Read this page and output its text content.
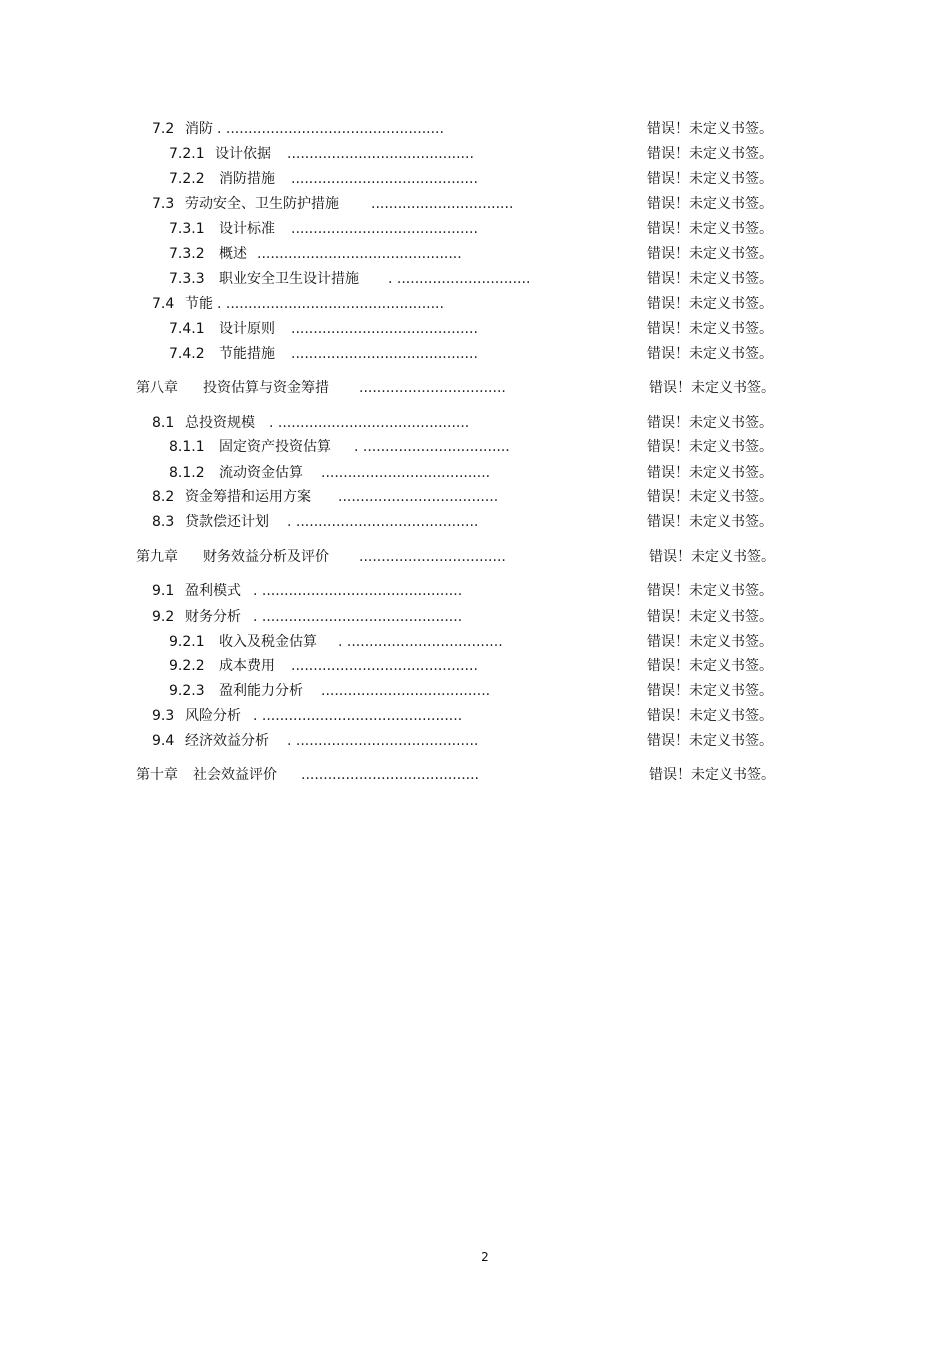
7.2 消防 . .................................................	错误！未定义书签。
7.2.1 设计依据 ..........................................	错误！未定义书签。
7.2.2 消防措施 ..........................................	错误！未定义书签。
7.3 劳动安全、卫生防护措施 ................................	错误！未定义书签。
7.3.1 设计标准 ..........................................	错误！未定义书签。
7.3.2 概述 ..............................................	错误！未定义书签。
7.3.3 职业安全卫生设计措施 . ..............................	错误！未定义书签。
7.4 节能 . .................................................	错误！未定义书签。
7.4.1 设计原则 ..........................................	错误！未定义书签。
7.4.2 节能措施 ..........................................	错误！未定义书签。
第八章 投资估算与资金筹措 .................................	错误！未定义书签。
8.1 总投资规模 . ...........................................	错误！未定义书签。
8.1.1 固定资产投资估算 . .................................	错误！未定义书签。
8.1.2 流动资金估算 ......................................	错误！未定义书签。
8.2 资金筹措和运用方案 ....................................	错误！未定义书签。
8.3 贷款偿还计划 . .........................................	错误！未定义书签。
第九章 财务效益分析及评价 .................................	错误！未定义书签。
9.1 盈利模式 . .............................................	错误！未定义书签。
9.2 财务分析 . .............................................	错误！未定义书签。
9.2.1 收入及税金估算 . ...................................	错误！未定义书签。
9.2.2 成本费用 ..........................................	错误！未定义书签。
9.2.3 盈利能力分析 ......................................	错误！未定义书签。
9.3 风险分析 . .............................................	错误！未定义书签。
9.4 经济效益分析 . .........................................	错误！未定义书签。
第十章 社会效益评价 ........................................	错误！未定义书签。
2
